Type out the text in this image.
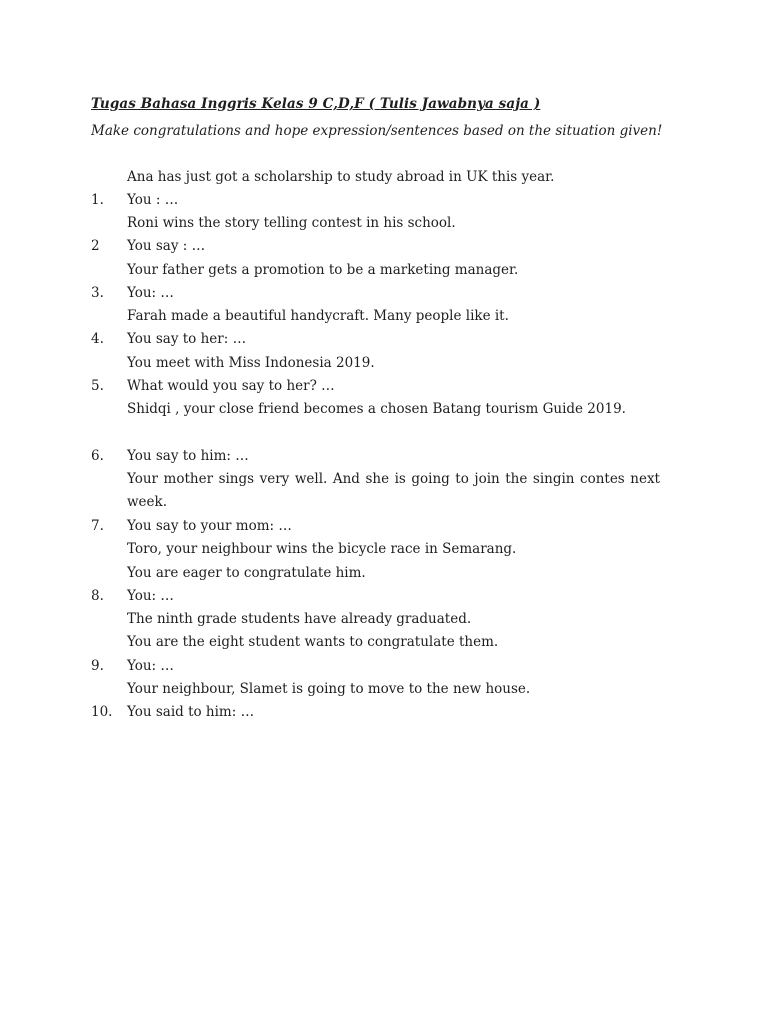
Tugas Bahasa Inggris Kelas 9 C,D,F ( Tulis Jawabnya saja )
Make congratulations and hope expression/sentences based on the situation given!
Ana has just got a scholarship to study abroad in UK this year.
1. You : …
Roni wins the story telling contest in his school.
2 You say : …
Your father gets a promotion to be a marketing manager.
3. You: …
Farah made a beautiful handycraft. Many people like it.
4. You say to her: …
You meet with Miss Indonesia 2019.
5. What would you say to her? …
Shidqi , your close friend becomes a chosen Batang tourism Guide 2019.
6. You say to him: …
Your mother sings very well. And she is going to join the singin contes next week.
7. You say to your mom: …
Toro, your neighbour wins the bicycle race in Semarang.
You are eager to congratulate him.
8. You: …
The ninth grade students have already graduated.
You are the eight student wants to congratulate them.
9. You: …
Your neighbour, Slamet is going to move to the new house.
10. You said to him: …
